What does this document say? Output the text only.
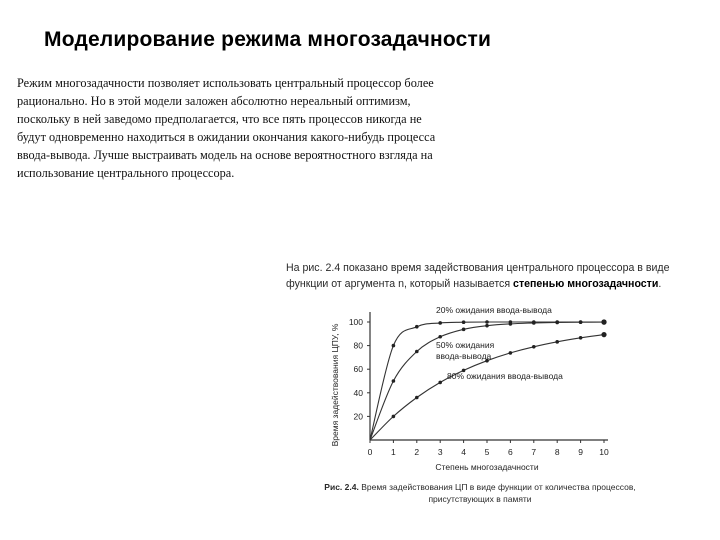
Моделирование режима многозадачности

Режим многозадачности позволяет использовать центральный процессор более рационально. Но в этой модели заложен абсолютно нереальный оптимизм, поскольку в ней заведомо предполагается, что все пять процессов никогда не будут одновременно находиться в ожидании окончания какого-нибудь процесса ввода-вывода. Лучше выстраивать модель на основе вероятностного взгляда на использование центрального процессора.

На рис. 2.4 показано время задействования центрального процессора в виде функции от аргумента n, который называется степенью многозадачности.
0 1 2 3 4 5 6 7 8 9 10
20
40
60
80
100
Степень многозадачности
Время задействования ЦПУ, %
20% ожидания ввода-вывода
50% ожидания
ввода-вывода
80% ожидания ввода-вывода
Рис. 2.4. Время задействования ЦП в виде функции от количества процессов, присутствующих в памяти
